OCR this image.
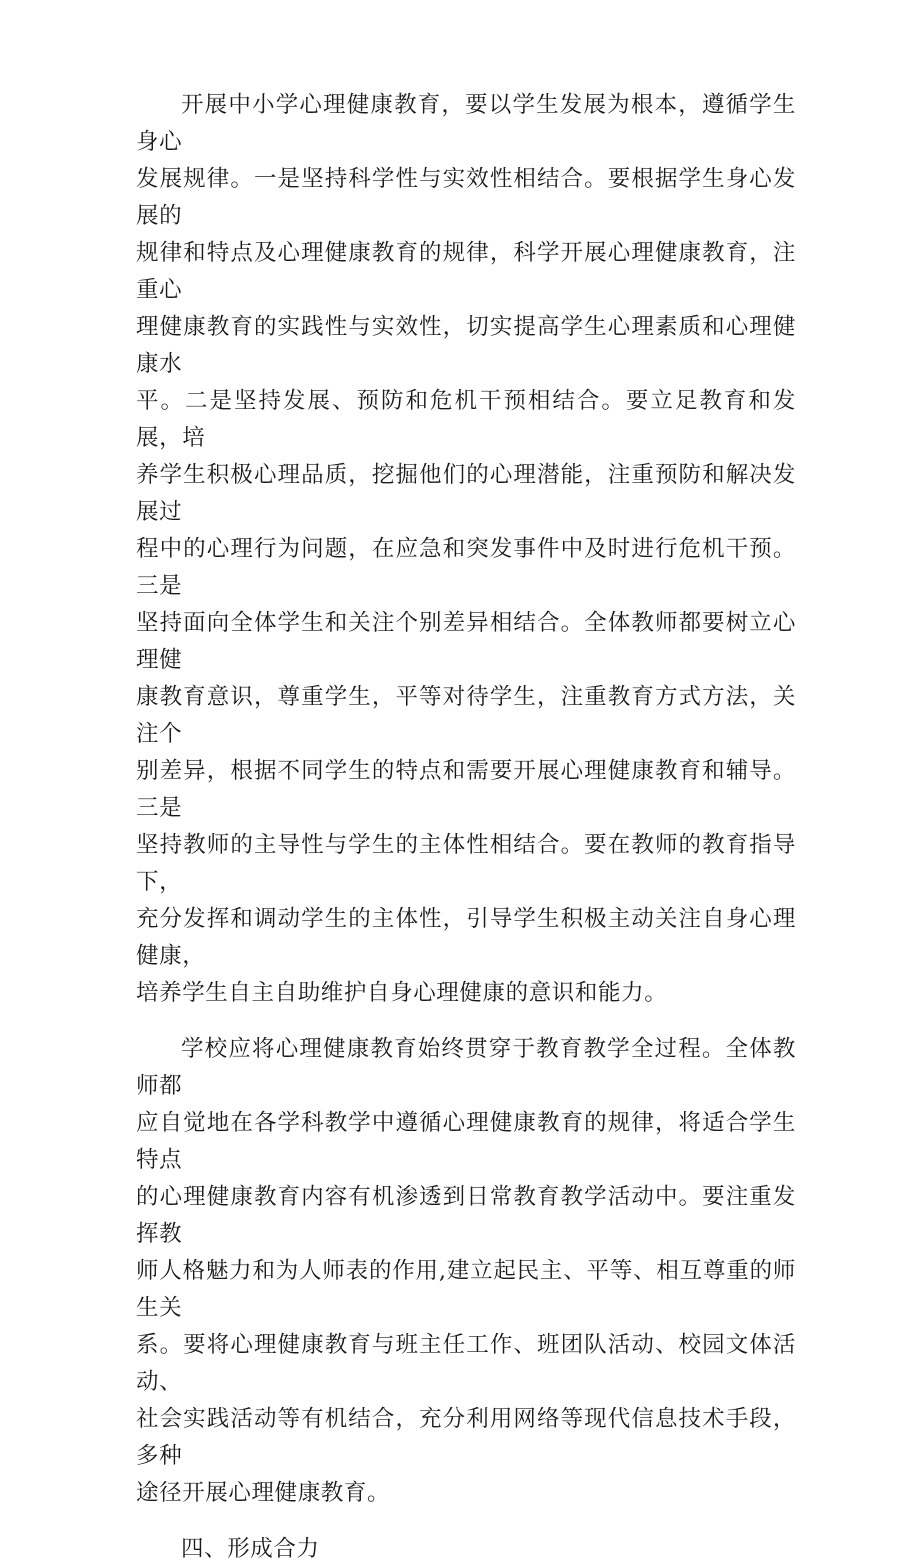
开展中小学心理健康教育，要以学生发展为根本，遵循学生身心
发展规律。一是坚持科学性与实效性相结合。要根据学生身心发展的
规律和特点及心理健康教育的规律，科学开展心理健康教育，注重心
理健康教育的实践性与实效性，切实提高学生心理素质和心理健康水
平。二是坚持发展、预防和危机干预相结合。要立足教育和发展，培
养学生积极心理品质，挖掘他们的心理潜能，注重预防和解决发展过
程中的心理行为问题，在应急和突发事件中及时进行危机干预。三是
坚持面向全体学生和关注个别差异相结合。全体教师都要树立心理健
康教育意识，尊重学生，平等对待学生，注重教育方式方法，关注个
别差异，根据不同学生的特点和需要开展心理健康教育和辅导。三是
坚持教师的主导性与学生的主体性相结合。要在教师的教育指导下，
充分发挥和调动学生的主体性，引导学生积极主动关注自身心理健康，
培养学生自主自助维护自身心理健康的意识和能力。

学校应将心理健康教育始终贯穿于教育教学全过程。全体教师都
应自觉地在各学科教学中遵循心理健康教育的规律，将适合学生特点
的心理健康教育内容有机渗透到日常教育教学活动中。要注重发挥教
师人格魅力和为人师表的作用,建立起民主、平等、相互尊重的师生关
系。要将心理健康教育与班主任工作、班团队活动、校园文体活动、
社会实践活动等有机结合，充分利用网络等现代信息技术手段，多种
途径开展心理健康教育。

四、形成合力
